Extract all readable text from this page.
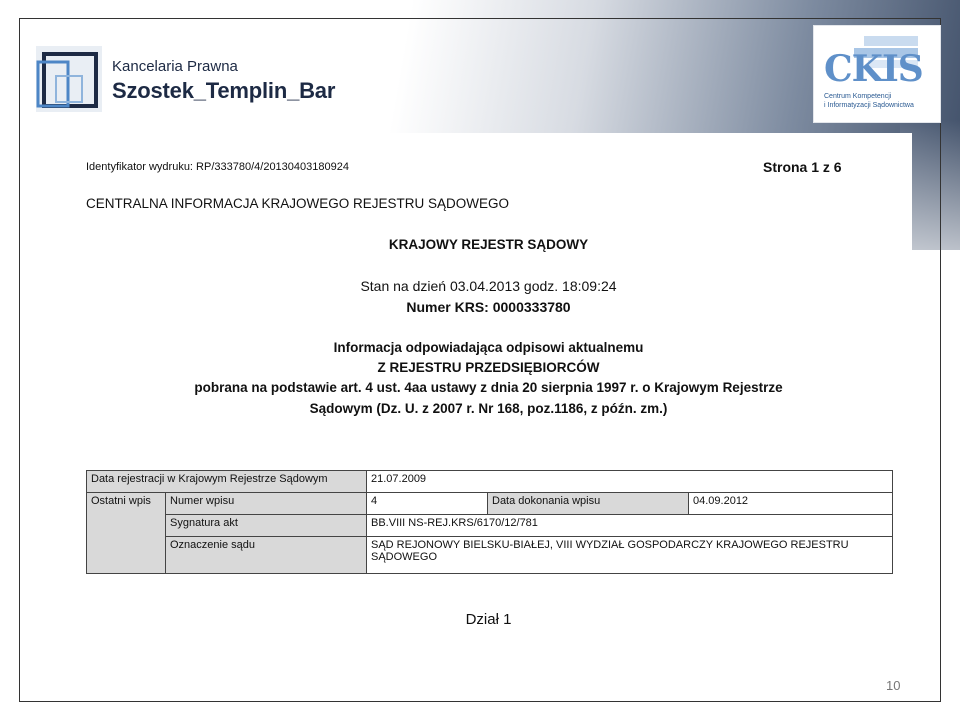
Kancelaria Prawna
Szostek_Templin_Bar
CKIS
Centrum Kompetencji
i Informatyzacji Sądownictwa
Identyfikator wydruku: RP/333780/4/20130403180924	Strona 1 z 6
CENTRALNA INFORMACJA KRAJOWEGO REJESTRU SĄDOWEGO
KRAJOWY REJESTR SĄDOWY
Stan na dzień 03.04.2013 godz. 18:09:24
Numer KRS: 0000333780
Informacja odpowiadająca odpisowi aktualnemu
Z REJESTRU PRZEDSIĘBIORCÓW
pobrana na podstawie art. 4 ust. 4aa ustawy z dnia 20 sierpnia 1997 r. o Krajowym Rejestrze
Sądowym (Dz. U. z 2007 r. Nr 168, poz.1186, z późn. zm.)
Data rejestracji w Krajowym Rejestrze Sądowym		21.07.2009		
Ostatni wpis	Numer wpisu	4	Data dokonania wpisu	04.09.2012
	Sygnatura akt	BB.VIII NS-REJ.KRS/6170/12/781		
	Oznaczenie sądu	SĄD REJONOWY BIELSKU-BIAŁEJ, VIII WYDZIAŁ GOSPODARCZY KRAJOWEGO REJESTRU
SĄDOWEGO		
Dział 1
10
